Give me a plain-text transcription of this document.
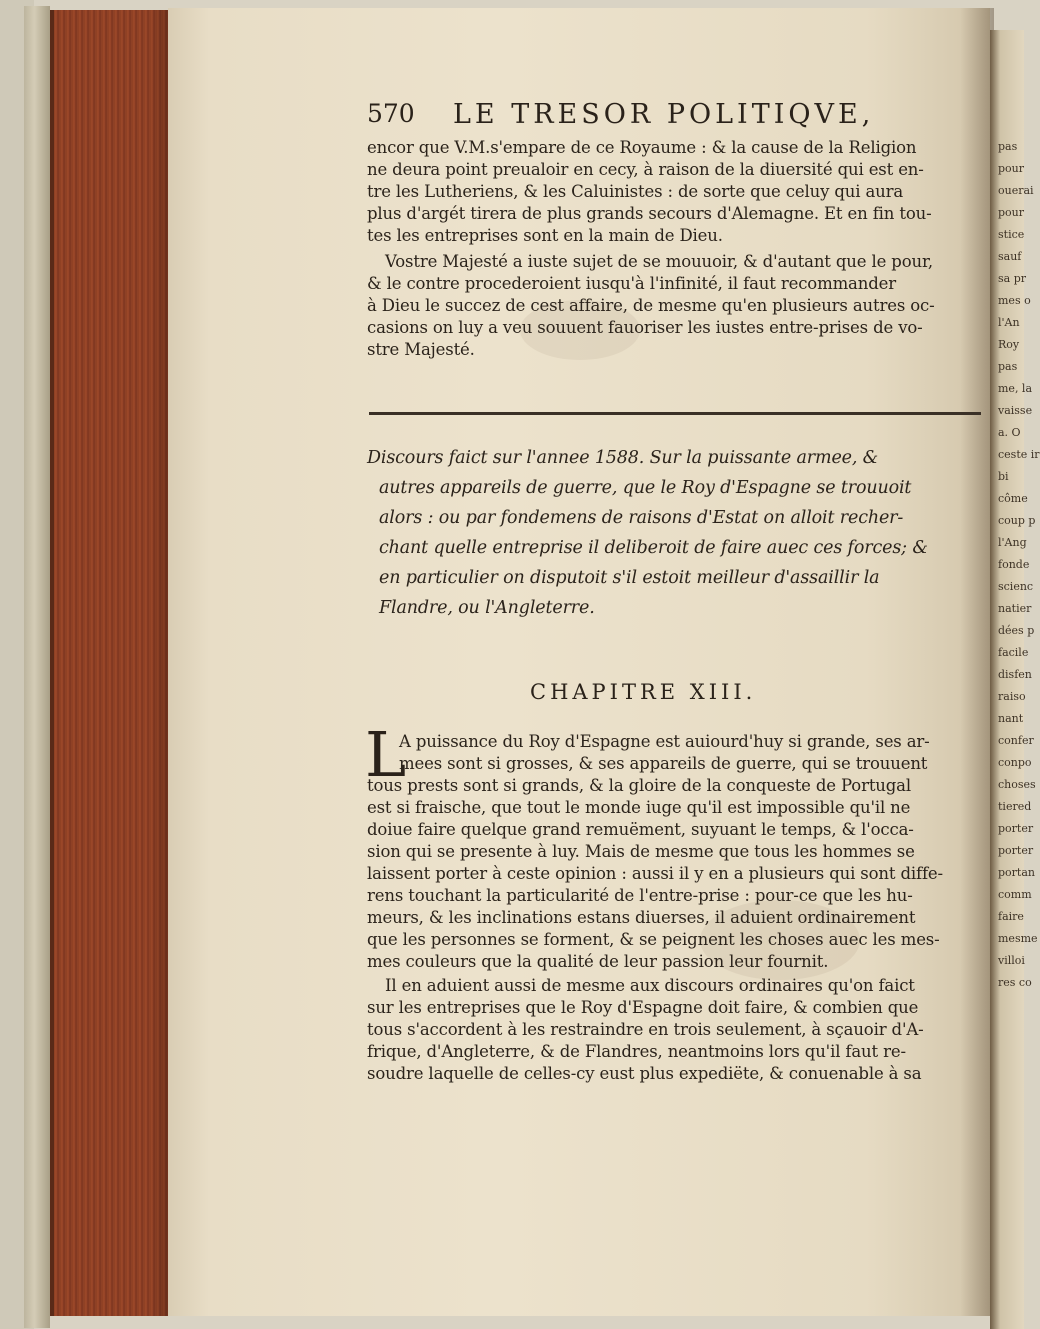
pas
pour
ouerai
pour
stice
sauf
sa pr
mes o
l'An
Roy
pas
me, la
vaisse
a. O
ceste ir
bi
côme
coup p
l'Ang
fonde
scienc
natier
dées p
facile
disfen
raiso
nant
confer
conpo
choses
tiered
porter
porter
portan
comm
faire
mesme
villoi
res co
570 LE TRESOR POLITIQVE,
encor que V.M.s'empare de ce Royaume : & la cause de la Religion
ne deura point preualoir en cecy, à raison de la diuersité qui est en-
tre les Lutheriens, & les Caluinistes : de sorte que celuy qui aura
plus d'argét tirera de plus grands secours d'Alemagne. Et en fin tou-
tes les entreprises sont en la main de Dieu.
Vostre Majesté a iuste sujet de se mouuoir, & d'autant que le pour,
& le contre procederoient iusqu'à l'infinité, il faut recommander
à Dieu le succez de cest affaire, de mesme qu'en plusieurs autres oc-
casions on luy a veu souuent fauoriser les iustes entre-prises de vo-
stre Majesté.
Discours faict sur l'annee 1588. Sur la puissante armee, &
autres appareils de guerre, que le Roy d'Espagne se trouuoit
alors : ou par fondemens de raisons d'Estat on alloit recher-
chant quelle entreprise il deliberoit de faire auec ces forces; &
en particulier on disputoit s'il estoit meilleur d'assaillir la
Flandre, ou l'Angleterre.
CHAPITRE XIII.
L
A puissance du Roy d'Espagne est auiourd'huy si grande, ses ar-
mees sont si grosses, & ses appareils de guerre, qui se trouuent
tous prests sont si grands, & la gloire de la conqueste de Portugal
est si fraische, que tout le monde iuge qu'il est impossible qu'il ne
doiue faire quelque grand remuëment, suyuant le temps, & l'occa-
sion qui se presente à luy. Mais de mesme que tous les hommes se
laissent porter à ceste opinion : aussi il y en a plusieurs qui sont diffe-
rens touchant la particularité de l'entre-prise : pour-ce que les hu-
meurs, & les inclinations estans diuerses, il aduient ordinairement
que les personnes se forment, & se peignent les choses auec les mes-
mes couleurs que la qualité de leur passion leur fournit.
Il en aduient aussi de mesme aux discours ordinaires qu'on faict
sur les entreprises que le Roy d'Espagne doit faire, & combien que
tous s'accordent à les restraindre en trois seulement, à sçauoir d'A-
frique, d'Angleterre, & de Flandres, neantmoins lors qu'il faut re-
soudre laquelle de celles-cy eust plus expediëte, & conuenable à sa
